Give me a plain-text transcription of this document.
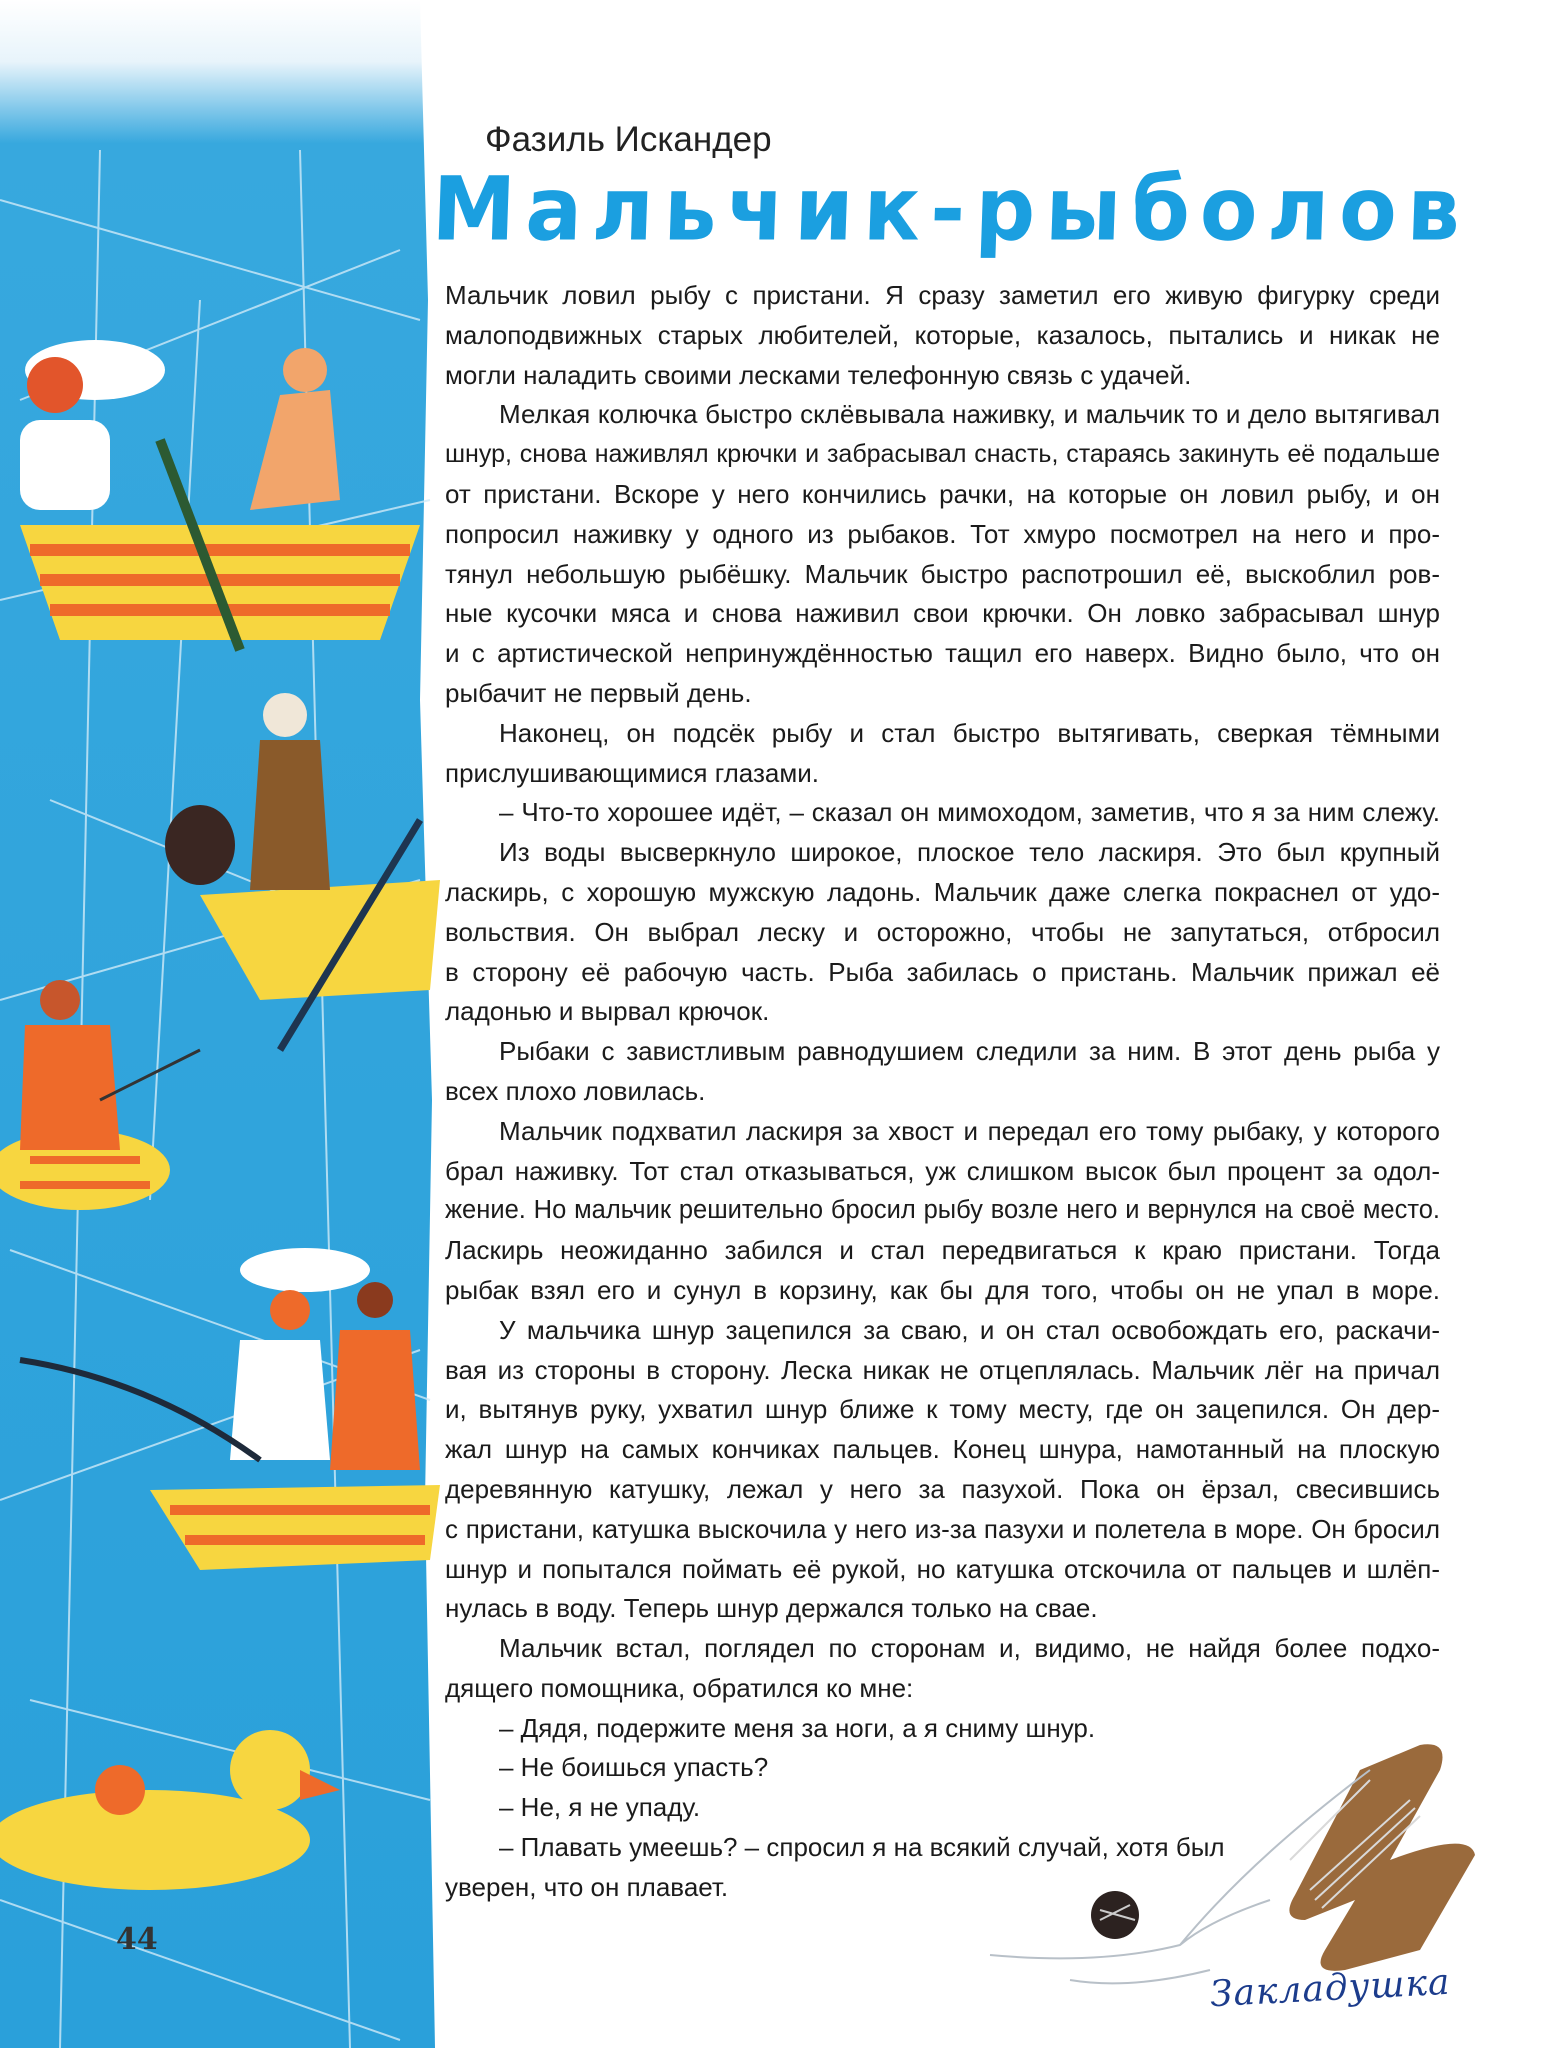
Фазиль Искандер
Мальчик-рыболов
Мальчик ловил рыбу с пристани. Я сразу заметил его живую фигурку среди
малоподвижных старых любителей, которые, казалось, пытались и никак не
могли наладить своими лесками телефонную связь с удачей.
Мелкая колючка быстро склёвывала наживку, и мальчик то и дело вытягивал
шнур, снова наживлял крючки и забрасывал снасть, стараясь закинуть её подальше
от пристани. Вскоре у него кончились рачки, на которые он ловил рыбу, и он
попросил наживку у одного из рыбаков. Тот хмуро посмотрел на него и про-
тянул небольшую рыбёшку. Мальчик быстро распотрошил её, выскоблил ров-
ные кусочки мяса и снова наживил свои крючки. Он ловко забрасывал шнур
и с артистической непринуждённостью тащил его наверх. Видно было, что он
рыбачит не первый день.
Наконец, он подсёк рыбу и стал быстро вытягивать, сверкая тёмными
прислушивающимися глазами.
– Что-то хорошее идёт, – сказал он мимоходом, заметив, что я за ним слежу.
Из воды высверкнуло широкое, плоское тело ласкиря. Это был крупный
ласкирь, с хорошую мужскую ладонь. Мальчик даже слегка покраснел от удо-
вольствия. Он выбрал леску и осторожно, чтобы не запутаться, отбросил
в сторону её рабочую часть. Рыба забилась о пристань. Мальчик прижал её
ладонью и вырвал крючок.
Рыбаки с завистливым равнодушием следили за ним. В этот день рыба у
всех плохо ловилась.
Мальчик подхватил ласкиря за хвост и передал его тому рыбаку, у которого
брал наживку. Тот стал отказываться, уж слишком высок был процент за одол-
жение. Но мальчик решительно бросил рыбу возле него и вернулся на своё место.
Ласкирь неожиданно забился и стал передвигаться к краю пристани. Тогда
рыбак взял его и сунул в корзину, как бы для того, чтобы он не упал в море.
У мальчика шнур зацепился за сваю, и он стал освобождать его, раскачи-
вая из стороны в сторону. Леска никак не отцеплялась. Мальчик лёг на причал
и, вытянув руку, ухватил шнур ближе к тому месту, где он зацепился. Он дер-
жал шнур на самых кончиках пальцев. Конец шнура, намотанный на плоскую
деревянную катушку, лежал у него за пазухой. Пока он ёрзал, свесившись
с пристани, катушка выскочила у него из-за пазухи и полетела в море. Он бросил
шнур и попытался поймать её рукой, но катушка отскочила от пальцев и шлёп-
нулась в воду. Теперь шнур держался только на свае.
Мальчик встал, поглядел по сторонам и, видимо, не найдя более подхо-
дящего помощника, обратился ко мне:
– Дядя, подержите меня за ноги, а я сниму шнур.
– Не боишься упасть?
– Не, я не упаду.
– Плавать умеешь? – спросил я на всякий случай, хотя был
уверен, что он плавает.
44
Закладушка
